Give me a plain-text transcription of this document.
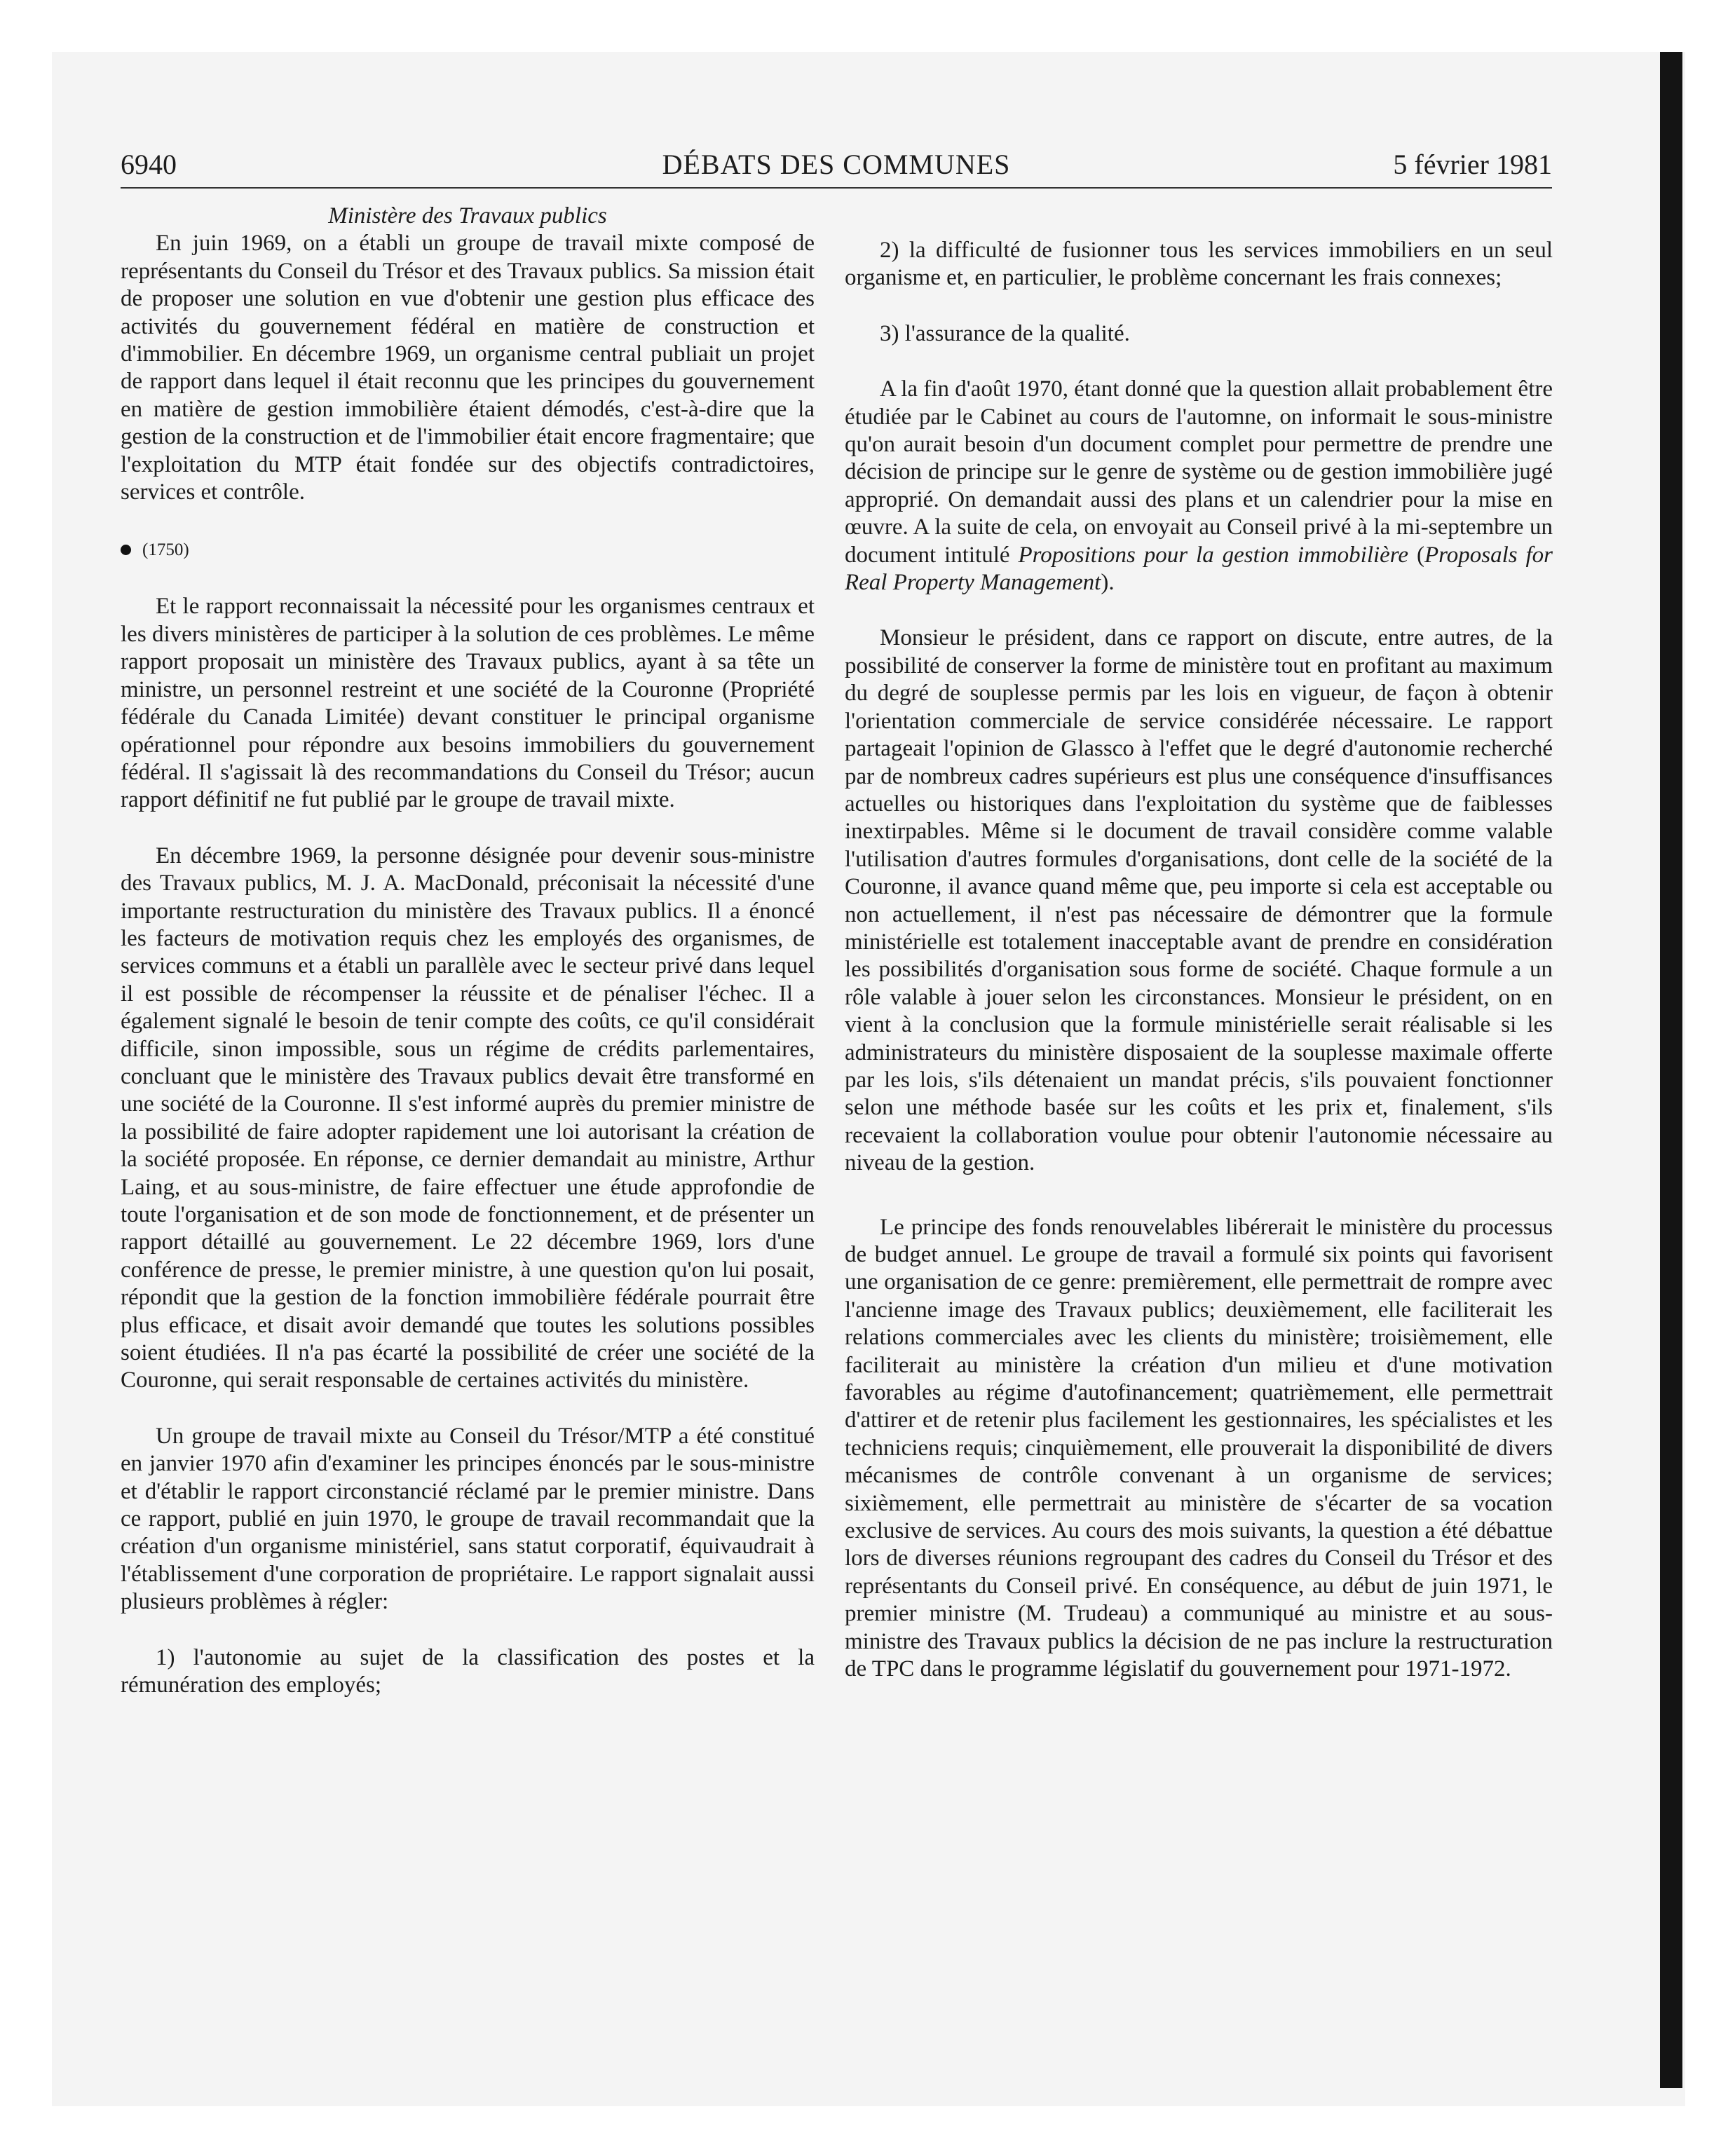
6940	DÉBATS DES COMMUNES	5 février 1981
Ministère des Travaux publics

En juin 1969, on a établi un groupe de travail mixte composé de représentants du Conseil du Trésor et des Travaux publics. Sa mission était de proposer une solution en vue d'obtenir une gestion plus efficace des activités du gouvernement fédéral en matière de construction et d'immobilier. En décembre 1969, un organisme central publiait un projet de rapport dans lequel il était reconnu que les principes du gouvernement en matière de gestion immobilière étaient démodés, c'est-à-dire que la gestion de la construction et de l'immobilier était encore fragmentaire; que l'exploitation du MTP était fondée sur des objectifs contradictoires, services et contrôle.

(1750)

Et le rapport reconnaissait la nécessité pour les organismes centraux et les divers ministères de participer à la solution de ces problèmes. Le même rapport proposait un ministère des Travaux publics, ayant à sa tête un ministre, un personnel restreint et une société de la Couronne (Propriété fédérale du Canada Limitée) devant constituer le principal organisme opérationnel pour répondre aux besoins immobiliers du gouvernement fédéral. Il s'agissait là des recommandations du Conseil du Trésor; aucun rapport définitif ne fut publié par le groupe de travail mixte.

En décembre 1969, la personne désignée pour devenir sous-ministre des Travaux publics, M. J. A. MacDonald, préconisait la nécessité d'une importante restructuration du ministère des Travaux publics. Il a énoncé les facteurs de motivation requis chez les employés des organismes, de services communs et a établi un parallèle avec le secteur privé dans lequel il est possible de récompenser la réussite et de pénaliser l'échec. Il a également signalé le besoin de tenir compte des coûts, ce qu'il considérait difficile, sinon impossible, sous un régime de crédits parlementaires, concluant que le ministère des Travaux publics devait être transformé en une société de la Couronne. Il s'est informé auprès du premier ministre de la possibilité de faire adopter rapidement une loi autorisant la création de la société proposée. En réponse, ce dernier demandait au ministre, Arthur Laing, et au sous-ministre, de faire effectuer une étude approfondie de toute l'organisation et de son mode de fonctionnement, et de présenter un rapport détaillé au gouvernement. Le 22 décembre 1969, lors d'une conférence de presse, le premier ministre, à une question qu'on lui posait, répondit que la gestion de la fonction immobilière fédérale pourrait être plus efficace, et disait avoir demandé que toutes les solutions possibles soient étudiées. Il n'a pas écarté la possibilité de créer une société de la Couronne, qui serait responsable de certaines activités du ministère.

Un groupe de travail mixte au Conseil du Trésor/MTP a été constitué en janvier 1970 afin d'examiner les principes énoncés par le sous-ministre et d'établir le rapport circonstancié réclamé par le premier ministre. Dans ce rapport, publié en juin 1970, le groupe de travail recommandait que la création d'un organisme ministériel, sans statut corporatif, équivaudrait à l'établissement d'une corporation de propriétaire. Le rapport signalait aussi plusieurs problèmes à régler:

1) l'autonomie au sujet de la classification des postes et la rémunération des employés;

2) la difficulté de fusionner tous les services immobiliers en un seul organisme et, en particulier, le problème concernant les frais connexes;

3) l'assurance de la qualité.

A la fin d'août 1970, étant donné que la question allait probablement être étudiée par le Cabinet au cours de l'automne, on informait le sous-ministre qu'on aurait besoin d'un document complet pour permettre de prendre une décision de principe sur le genre de système ou de gestion immobilière jugé approprié. On demandait aussi des plans et un calendrier pour la mise en œuvre. A la suite de cela, on envoyait au Conseil privé à la mi-septembre un document intitulé Propositions pour la gestion immobilière (Proposals for Real Property Management).

Monsieur le président, dans ce rapport on discute, entre autres, de la possibilité de conserver la forme de ministère tout en profitant au maximum du degré de souplesse permis par les lois en vigueur, de façon à obtenir l'orientation commerciale de service considérée nécessaire. Le rapport partageait l'opinion de Glassco à l'effet que le degré d'autonomie recherché par de nombreux cadres supérieurs est plus une conséquence d'insuffisances actuelles ou historiques dans l'exploitation du système que de faiblesses inextirpables. Même si le document de travail considère comme valable l'utilisation d'autres formules d'organisations, dont celle de la société de la Couronne, il avance quand même que, peu importe si cela est acceptable ou non actuellement, il n'est pas nécessaire de démontrer que la formule ministérielle est totalement inacceptable avant de prendre en considération les possibilités d'organisation sous forme de société. Chaque formule a un rôle valable à jouer selon les circonstances. Monsieur le président, on en vient à la conclusion que la formule ministérielle serait réalisable si les administrateurs du ministère disposaient de la souplesse maximale offerte par les lois, s'ils détenaient un mandat précis, s'ils pouvaient fonctionner selon une méthode basée sur les coûts et les prix et, finalement, s'ils recevaient la collaboration voulue pour obtenir l'autonomie nécessaire au niveau de la gestion.

Le principe des fonds renouvelables libérerait le ministère du processus de budget annuel. Le groupe de travail a formulé six points qui favorisent une organisation de ce genre: premièrement, elle permettrait de rompre avec l'ancienne image des Travaux publics; deuxièmement, elle faciliterait les relations commerciales avec les clients du ministère; troisièmement, elle faciliterait au ministère la création d'un milieu et d'une motivation favorables au régime d'autofinancement; quatrièmement, elle permettrait d'attirer et de retenir plus facilement les gestionnaires, les spécialistes et les techniciens requis; cinquièmement, elle prouverait la disponibilité de divers mécanismes de contrôle convenant à un organisme de services; sixièmement, elle permettrait au ministère de s'écarter de sa vocation exclusive de services. Au cours des mois suivants, la question a été débattue lors de diverses réunions regroupant des cadres du Conseil du Trésor et des représentants du Conseil privé. En conséquence, au début de juin 1971, le premier ministre (M. Trudeau) a communiqué au ministre et au sous-ministre des Travaux publics la décision de ne pas inclure la restructuration de TPC dans le programme législatif du gouvernement pour 1971-1972.
